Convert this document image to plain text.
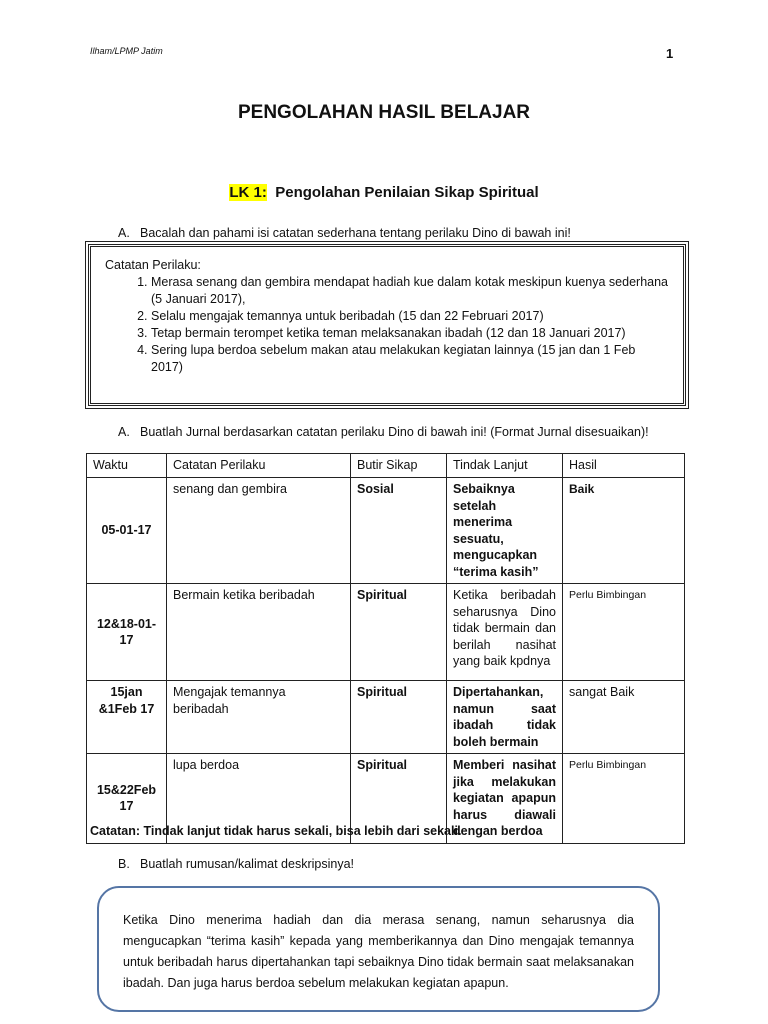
Ilham/LPMP Jatim	1
PENGOLAHAN HASIL BELAJAR
LK 1: Pengolahan Penilaian Sikap Spiritual
A. Bacalah dan pahami isi catatan sederhana tentang perilaku Dino di bawah ini!
Catatan Perilaku:
1. Merasa senang dan gembira mendapat hadiah kue dalam kotak meskipun kuenya sederhana (5 Januari 2017),
2. Selalu mengajak temannya untuk beribadah (15 dan 22 Februari 2017)
3. Tetap bermain terompet ketika teman melaksanakan ibadah (12 dan 18 Januari 2017)
4. Sering lupa berdoa sebelum makan atau melakukan kegiatan lainnya (15 jan dan 1 Feb 2017)
A. Buatlah Jurnal berdasarkan catatan perilaku Dino di bawah ini! (Format Jurnal disesuaikan)!
Waktu	Catatan Perilaku	Butir Sikap	Tindak Lanjut	Hasil
05-01-17	senang dan gembira	Sosial	Sebaiknya setelah menerima sesuatu, mengucapkan “terima kasih”	Baik
12&18-01-17	Bermain ketika beribadah	Spiritual	Ketika beribadah seharusnya Dino tidak bermain dan berilah nasihat yang baik kpdnya	Perlu Bimbingan
15jan &1Feb 17	Mengajak temannya beribadah	Spiritual	Dipertahankan, namun saat ibadah tidak boleh bermain	sangat Baik
15&22Feb 17	lupa berdoa	Spiritual	Memberi nasihat jika melakukan kegiatan apapun harus diawali dengan berdoa	Perlu Bimbingan
Catatan: Tindak lanjut tidak harus sekali, bisa lebih dari sekali.
B. Buatlah rumusan/kalimat deskripsinya!

Ketika Dino menerima hadiah dan dia merasa senang, namun seharusnya dia mengucapkan “terima kasih” kepada yang memberikannya dan Dino mengajak temannya untuk beribadah harus dipertahankan tapi sebaiknya Dino tidak bermain saat melaksanakan ibadah. Dan juga harus berdoa sebelum melakukan kegiatan apapun.
